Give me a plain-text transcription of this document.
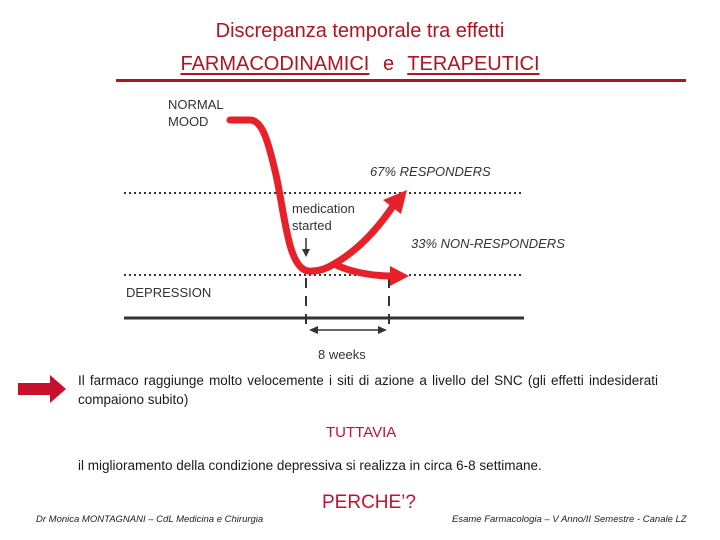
Discrepanza temporale tra effetti
FARMACODINAMICI e TERAPEUTICI
NORMAL
MOOD
67% RESPONDERS
medication
started
33% NON-RESPONDERS
DEPRESSION
8 weeks
Il farmaco raggiunge molto velocemente i siti di azione a livello del SNC (gli effetti indesiderati compaiono subito)
TUTTAVIA
il miglioramento della condizione depressiva si realizza in circa 6-8 settimane.
PERCHE’?
Dr Monica MONTAGNANI – CdL Medicina e Chirurgia	Esame Farmacologia – V Anno/II Semestre - Canale LZ
